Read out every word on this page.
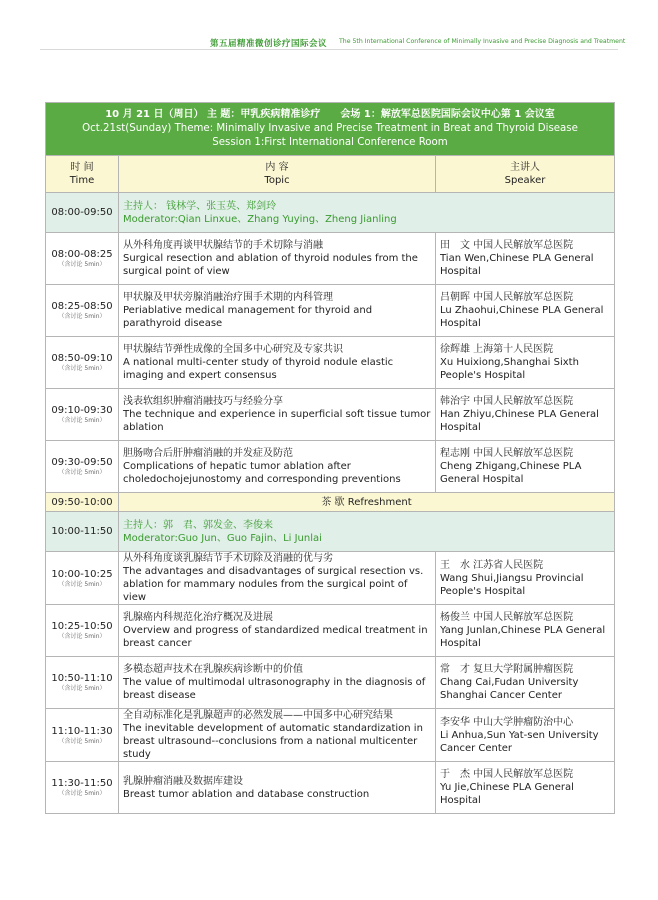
第五届精准微创诊疗国际会议 The 5th International Conference of Minimally Invasive and Precise Diagnosis and Treatment
10 月 21 日（周日） 主 题：甲乳疾病精准诊疗　　会场 1：解放军总医院国际会议中心第 1 会议室
Oct.21st(Sunday) Theme: Minimally Invasive and Precise Treatment in Breat and Thyroid Disease
Session 1:First International Conference Room		

时 间
Time	内 容
Topic	主讲人
Speaker

08:00-09:50	主持人： 钱林学、张玉英、郑剑玲
Moderator:Qian Linxue、Zhang Yuying、Zheng Jianling	

08:00-08:25
（含讨论 5min）	从外科角度再谈甲状腺结节的手术切除与消融
Surgical resection and ablation of thyroid nodules from the surgical point of view	田　文 中国人民解放军总医院
Tian Wen,Chinese PLA General Hospital

08:25-08:50
（含讨论 5min）	甲状腺及甲状旁腺消融治疗围手术期的内科管理
Periablative medical management for thyroid and parathyroid disease	吕朝晖 中国人民解放军总医院
Lu Zhaohui,Chinese PLA General Hospital

08:50-09:10
（含讨论 5min）	甲状腺结节弹性成像的全国多中心研究及专家共识
A national multi-center study of thyroid nodule elastic imaging and expert consensus	徐辉雄 上海第十人民医院
Xu Huixiong,Shanghai Sixth People's Hospital

09:10-09:30
（含讨论 5min）	浅表软组织肿瘤消融技巧与经验分享
The technique and experience in superficial soft tissue tumor ablation	韩治宇 中国人民解放军总医院
Han Zhiyu,Chinese PLA General Hospital

09:30-09:50
（含讨论 5min）	胆肠吻合后肝肿瘤消融的并发症及防范
Complications of hepatic tumor ablation after choledochojejunostomy and corresponding preventions	程志刚 中国人民解放军总医院
Cheng Zhigang,Chinese PLA General Hospital

09:50-10:00	茶 歇 Refreshment	
10:00-11:50	主持人：郭　君、郭发金、李俊来
Moderator:Guo Jun、Guo Fajin、Li Junlai	

10:00-10:25
（含讨论 5min）	从外科角度谈乳腺结节手术切除及消融的优与劣
The advantages and disadvantages of surgical resection vs. ablation for mammary nodules from the surgical point of view	王　水 江苏省人民医院
Wang Shui,Jiangsu Provincial People's Hospital

10:25-10:50
（含讨论 5min）	乳腺癌内科规范化治疗概况及进展
Overview and progress of standardized medical treatment in breast cancer	杨俊兰 中国人民解放军总医院
Yang Junlan,Chinese PLA General Hospital

10:50-11:10
（含讨论 5min）	多模态超声技术在乳腺疾病诊断中的价值
The value of multimodal ultrasonography in the diagnosis of breast disease	常　才 复旦大学附属肿瘤医院
Chang Cai,Fudan University Shanghai Cancer Center

11:10-11:30
（含讨论 5min）	全自动标准化是乳腺超声的必然发展——中国多中心研究结果
The inevitable development of automatic standardization in breast ultrasound--conclusions from a national multicenter study	李安华 中山大学肿瘤防治中心
Li Anhua,Sun Yat-sen University Cancer Center

11:30-11:50
（含讨论 5min）	乳腺肿瘤消融及数据库建设
Breast tumor ablation and database construction	于　杰 中国人民解放军总医院
Yu Jie,Chinese PLA General Hospital
